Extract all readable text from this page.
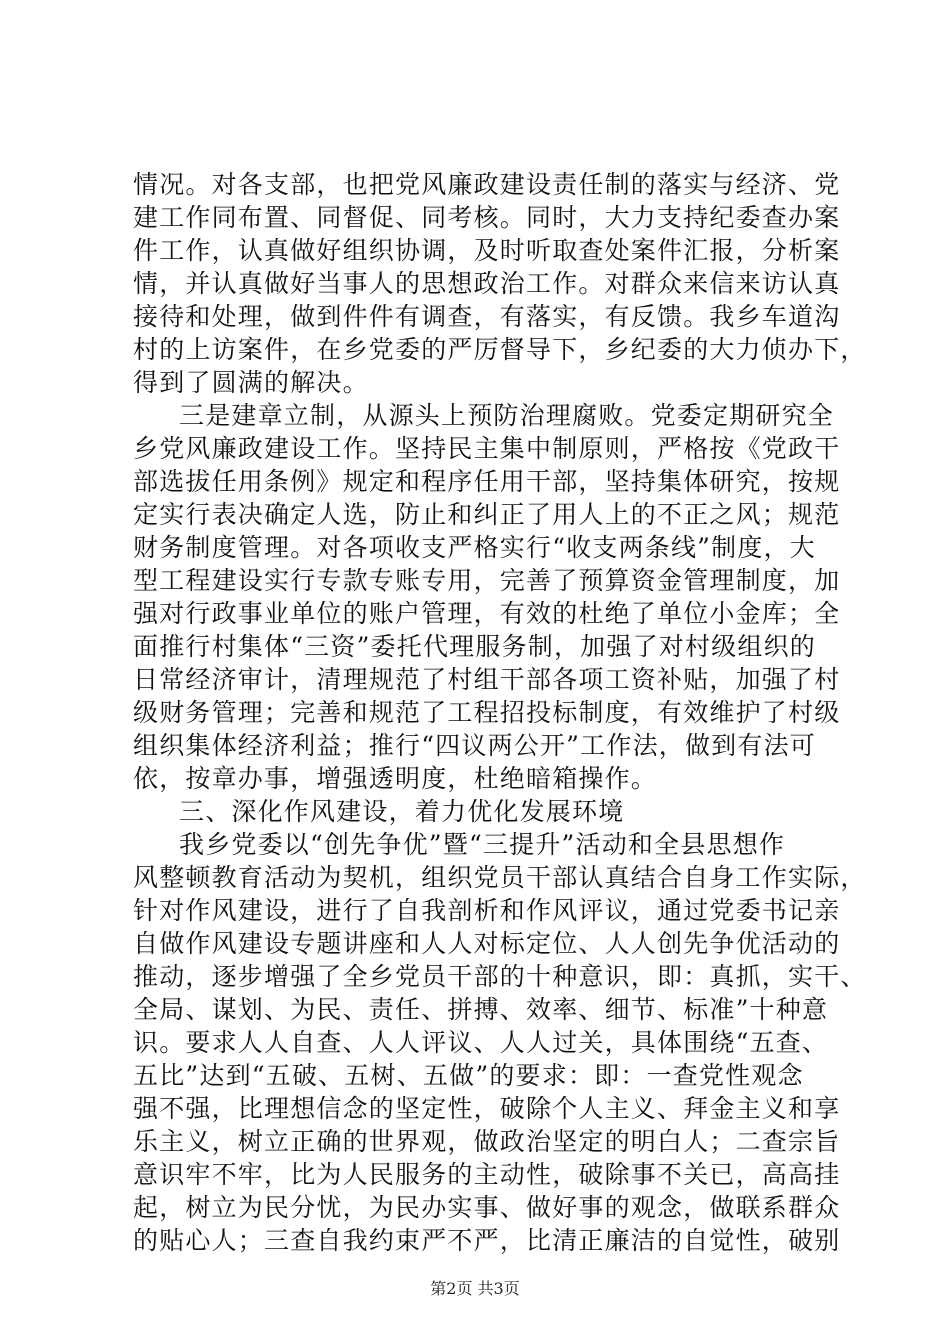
情况。对各支部，也把党风廉政建设责任制的落实与经济、党
建工作同布置、同督促、同考核。同时，大力支持纪委查办案
件工作，认真做好组织协调，及时听取查处案件汇报，分析案
情，并认真做好当事人的思想政治工作。对群众来信来访认真
接待和处理，做到件件有调查，有落实，有反馈。我乡车道沟
村的上访案件，在乡党委的严厉督导下，乡纪委的大力侦办下，
得到了圆满的解决。
三是建章立制，从源头上预防治理腐败。党委定期研究全
乡党风廉政建设工作。坚持民主集中制原则，严格按《党政干
部选拔任用条例》规定和程序任用干部，坚持集体研究，按规
定实行表决确定人选，防止和纠正了用人上的不正之风；规范
财务制度管理。对各项收支严格实行“收支两条线”制度，大
型工程建设实行专款专账专用，完善了预算资金管理制度，加
强对行政事业单位的账户管理，有效的杜绝了单位小金库；全
面推行村集体“三资”委托代理服务制，加强了对村级组织的
日常经济审计，清理规范了村组干部各项工资补贴，加强了村
级财务管理；完善和规范了工程招投标制度，有效维护了村级
组织集体经济利益；推行“四议两公开”工作法，做到有法可
依，按章办事，增强透明度，杜绝暗箱操作。
三、深化作风建设，着力优化发展环境
我乡党委以“创先争优”暨“三提升”活动和全县思想作
风整顿教育活动为契机，组织党员干部认真结合自身工作实际，
针对作风建设，进行了自我剖析和作风评议，通过党委书记亲
自做作风建设专题讲座和人人对标定位、人人创先争优活动的
推动，逐步增强了全乡党员干部的十种意识，即：真抓，实干、
全局、谋划、为民、责任、拼搏、效率、细节、标准”十种意
识。要求人人自查、人人评议、人人过关，具体围绕“五查、
五比”达到“五破、五树、五做”的要求：即：一查党性观念
强不强，比理想信念的坚定性，破除个人主义、拜金主义和享
乐主义，树立正确的世界观，做政治坚定的明白人；二查宗旨
意识牢不牢，比为人民服务的主动性，破除事不关已，高高挂
起，树立为民分忧，为民办实事、做好事的观念，做联系群众
的贴心人；三查自我约束严不严，比清正廉洁的自觉性，破别
第2页 共3页
